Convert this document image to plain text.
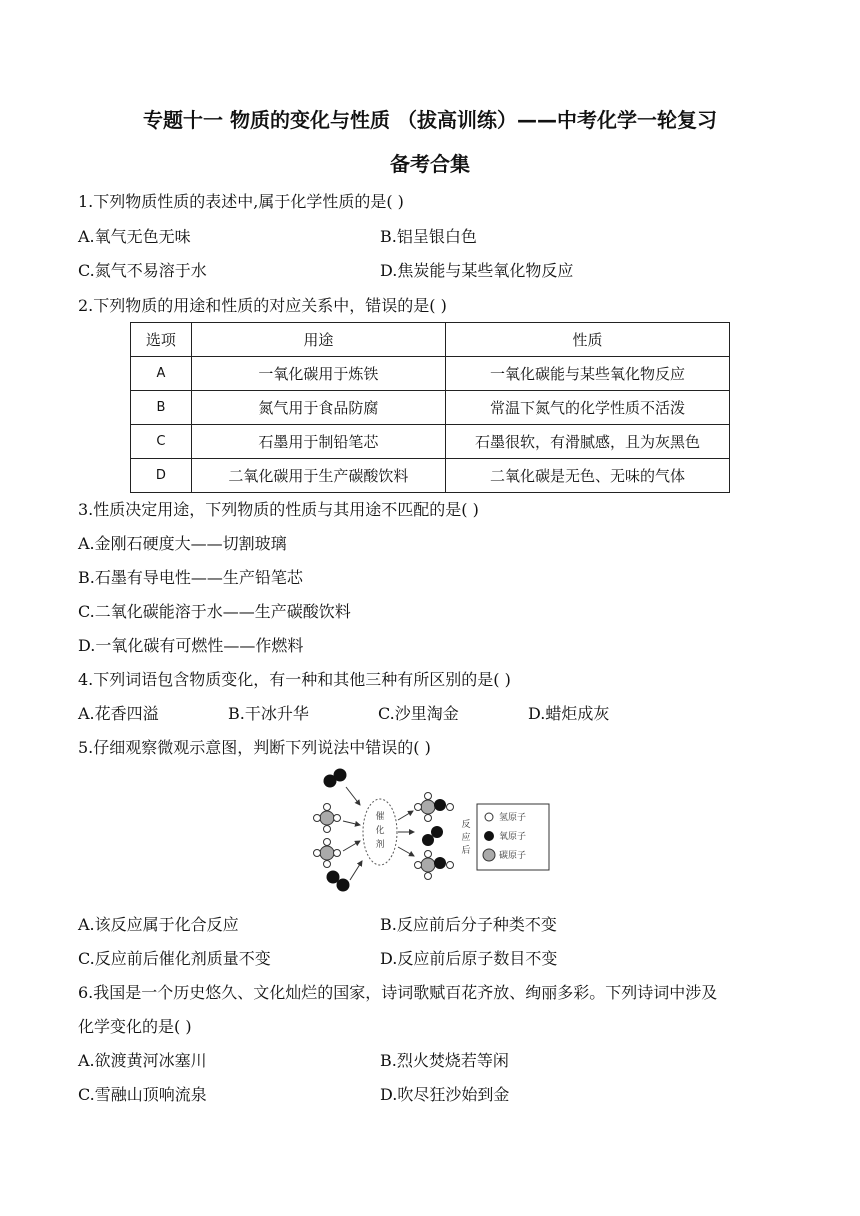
专题十一 物质的变化与性质 （拔高训练）——中考化学一轮复习
备考合集
1.下列物质性质的表述中,属于化学性质的是( )
A.氧气无色无味	B.铝呈银白色
C.氮气不易溶于水	D.焦炭能与某些氧化物反应
2.下列物质的用途和性质的对应关系中，错误的是( )
选项	用途	性质
A	一氧化碳用于炼铁	一氧化碳能与某些氧化物反应
B	氮气用于食品防腐	常温下氮气的化学性质不活泼
C	石墨用于制铅笔芯	石墨很软，有滑腻感，且为灰黑色
D	二氧化碳用于生产碳酸饮料	二氧化碳是无色、无味的气体
3.性质决定用途，下列物质的性质与其用途不匹配的是( )
A.金刚石硬度大——切割玻璃
B.石墨有导电性——生产铅笔芯
C.二氧化碳能溶于水——生产碳酸饮料
D.一氧化碳有可燃性——作燃料
4.下列词语包含物质变化，有一种和其他三种有所区别的是( )
A.花香四溢	B.干冰升华	C.沙里淘金	D.蜡炬成灰
5.仔细观察微观示意图，判断下列说法中错误的( )
催
化
剂
反
应
后
氢原子
氧原子
碳原子
A.该反应属于化合反应	B.反应前后分子种类不变
C.反应前后催化剂质量不变	D.反应前后原子数目不变
6.我国是一个历史悠久、文化灿烂的国家，诗词歌赋百花齐放、绚丽多彩。下列诗词中涉及
化学变化的是( )
A.欲渡黄河冰塞川	B.烈火焚烧若等闲
C.雪融山顶响流泉	D.吹尽狂沙始到金
